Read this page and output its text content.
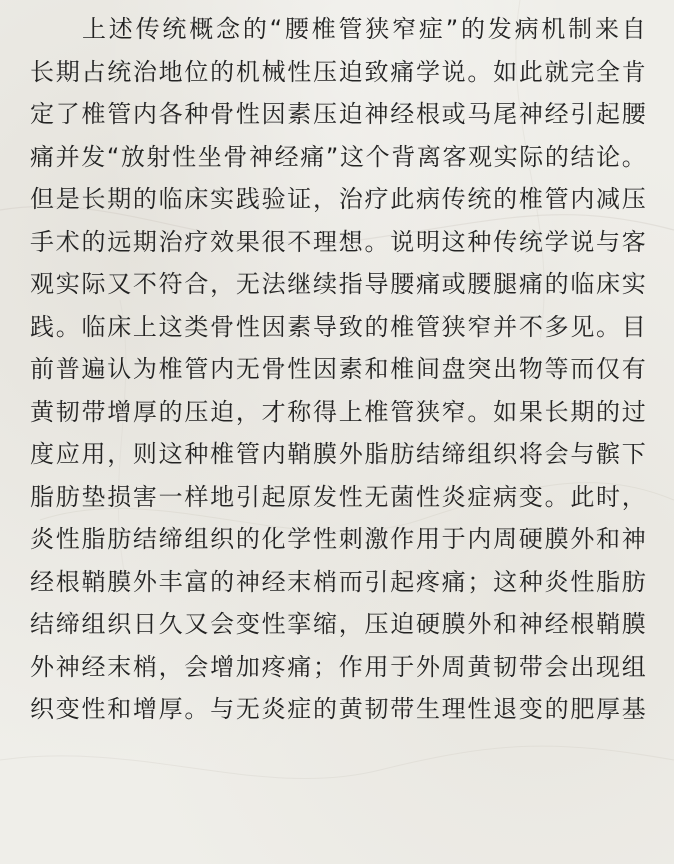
上述传统概念的“腰椎管狭窄症”的发病机制来自
长期占统治地位的机械性压迫致痛学说。如此就完全肯
定了椎管内各种骨性因素压迫神经根或马尾神经引起腰
痛并发“放射性坐骨神经痛”这个背离客观实际的结论。
但是长期的临床实践验证，治疗此病传统的椎管内减压
手术的远期治疗效果很不理想。说明这种传统学说与客
观实际又不符合，无法继续指导腰痛或腰腿痛的临床实
践。临床上这类骨性因素导致的椎管狭窄并不多见。目
前普遍认为椎管内无骨性因素和椎间盘突出物等而仅有
黄韧带增厚的压迫，才称得上椎管狭窄。如果长期的过
度应用，则这种椎管内鞘膜外脂肪结缔组织将会与髌下
脂肪垫损害一样地引起原发性无菌性炎症病变。此时，
炎性脂肪结缔组织的化学性刺激作用于内周硬膜外和神
经根鞘膜外丰富的神经末梢而引起疼痛；这种炎性脂肪
结缔组织日久又会变性挛缩，压迫硬膜外和神经根鞘膜
外神经末梢，会增加疼痛；作用于外周黄韧带会出现组
织变性和增厚。与无炎症的黄韧带生理性退变的肥厚基
